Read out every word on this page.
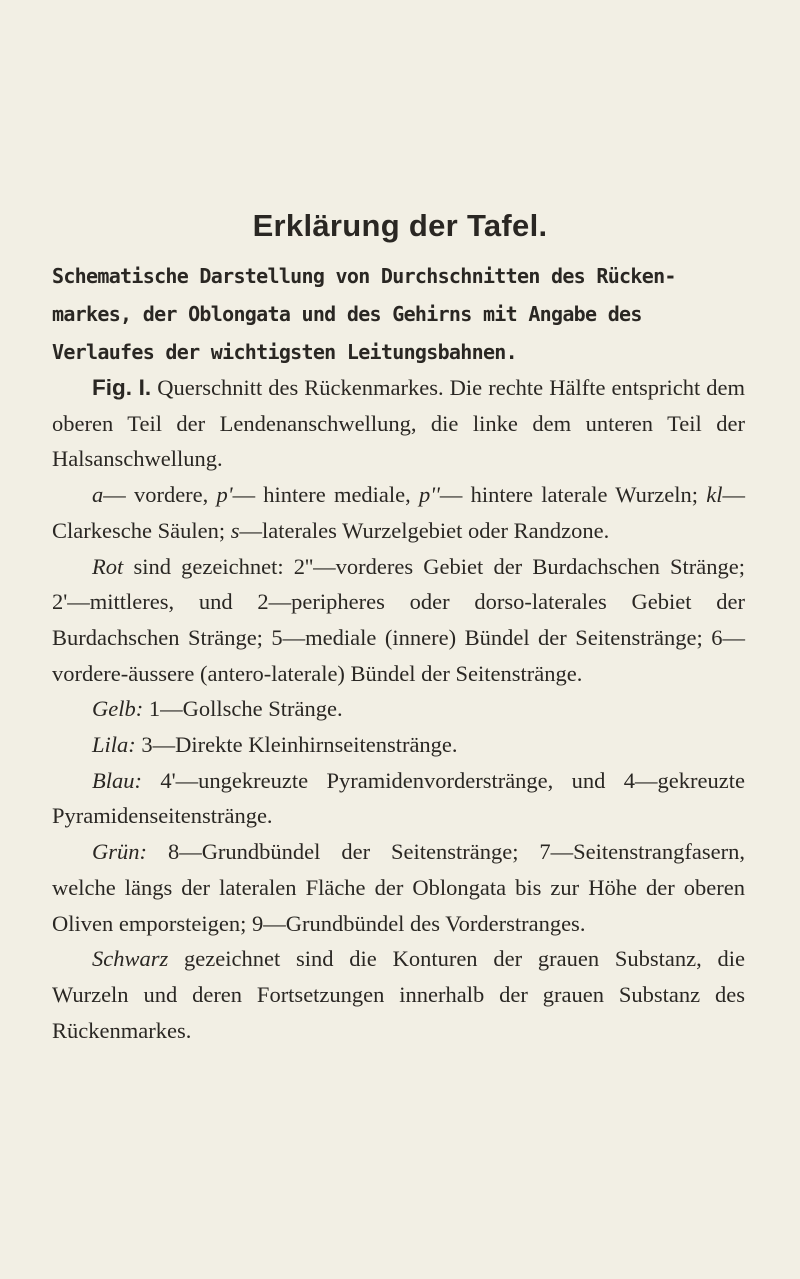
Erklärung der Tafel.
Schematische Darstellung von Durchschnitten des Rücken-
markes, der Oblongata und des Gehirns mit Angabe des
Verlaufes der wichtigsten Leitungsbahnen.

Fig. I. Querschnitt des Rückenmarkes. Die rechte Hälfte entspricht dem oberen Teil der Lendenanschwellung, die linke dem unteren Teil der Halsanschwellung.

a— vordere, p'— hintere mediale, p''— hintere laterale Wurzeln; kl—Clarkesche Säulen; s—laterales Wurzelgebiet oder Randzone.

Rot sind gezeichnet: 2''—vorderes Gebiet der Burdachschen Stränge; 2'—mittleres, und 2—peripheres oder dorso-laterales Gebiet der Burdachschen Stränge; 5—mediale (innere) Bündel der Seitenstränge; 6—vordere-äussere (antero-laterale) Bündel der Seitenstränge.

Gelb: 1—Gollsche Stränge.

Lila: 3—Direkte Kleinhirnseitenstränge.

Blau: 4'—ungekreuzte Pyramidenvorderstränge, und 4—gekreuzte Pyramidenseitenstränge.

Grün: 8—Grundbündel der Seitenstränge; 7—Seitenstrangfasern, welche längs der lateralen Fläche der Oblongata bis zur Höhe der oberen Oliven emporsteigen; 9—Grundbündel des Vorderstranges.

Schwarz gezeichnet sind die Konturen der grauen Substanz, die Wurzeln und deren Fortsetzungen innerhalb der grauen Substanz des Rückenmarkes.
